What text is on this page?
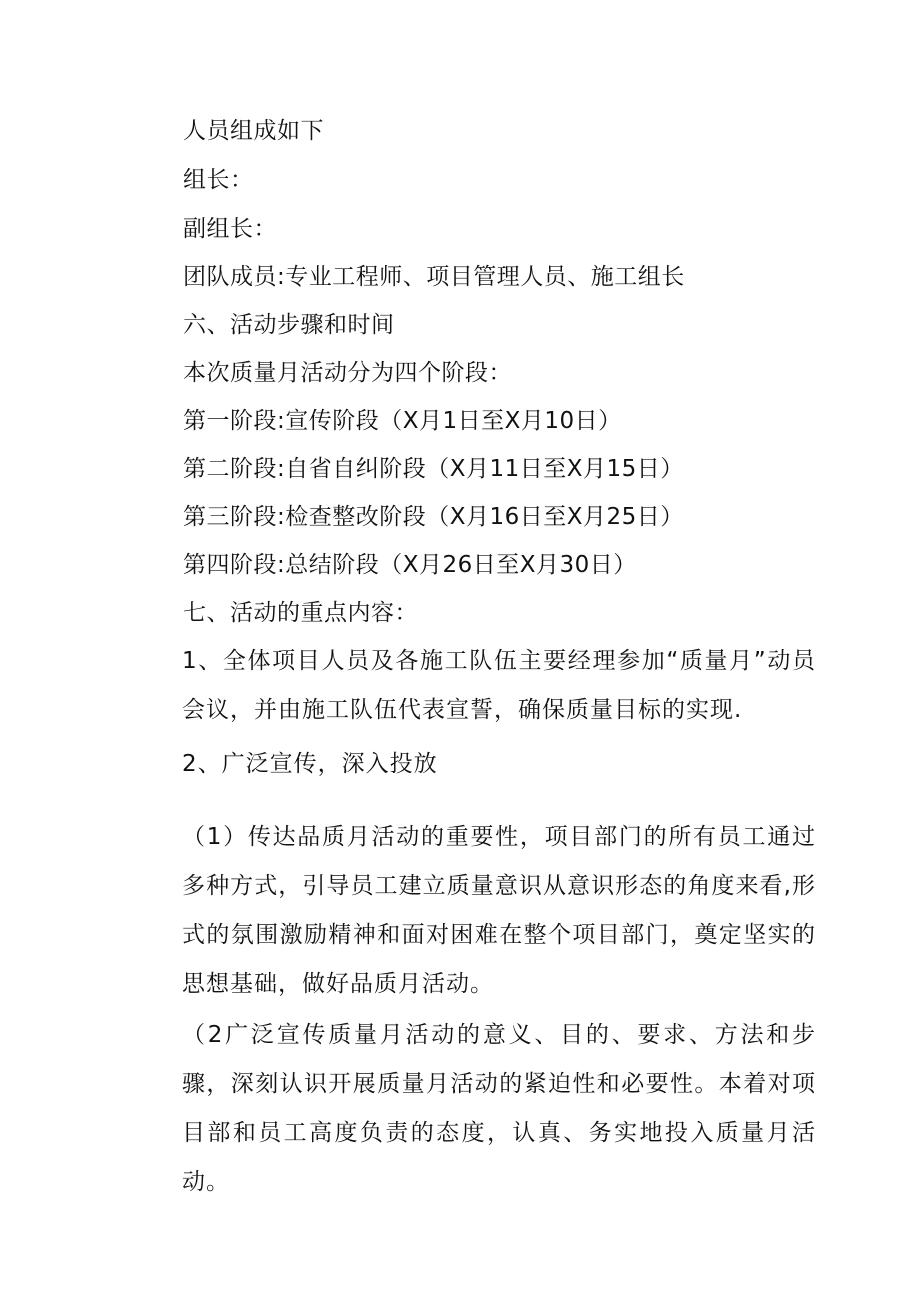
人员组成如下
组长：
副组长：
团队成员:专业工程师、项目管理人员、施工组长
六、活动步骤和时间
本次质量月活动分为四个阶段：
第一阶段:宣传阶段（X月1日至X月10日）
第二阶段:自省自纠阶段（X月11日至X月15日）
第三阶段:检查整改阶段（X月16日至X月25日）
第四阶段:总结阶段（X月26日至X月30日）
七、活动的重点内容：
1、全体项目人员及各施工队伍主要经理参加“质量月”动员会议，并由施工队伍代表宣誓，确保质量目标的实现.
2、广泛宣传，深入投放
（1）传达品质月活动的重要性，项目部门的所有员工通过多种方式，引导员工建立质量意识从意识形态的角度来看,形式的氛围激励精神和面对困难在整个项目部门，奠定坚实的思想基础，做好品质月活动。
（2广泛宣传质量月活动的意义、目的、要求、方法和步骤，深刻认识开展质量月活动的紧迫性和必要性。本着对项目部和员工高度负责的态度，认真、务实地投入质量月活动。
